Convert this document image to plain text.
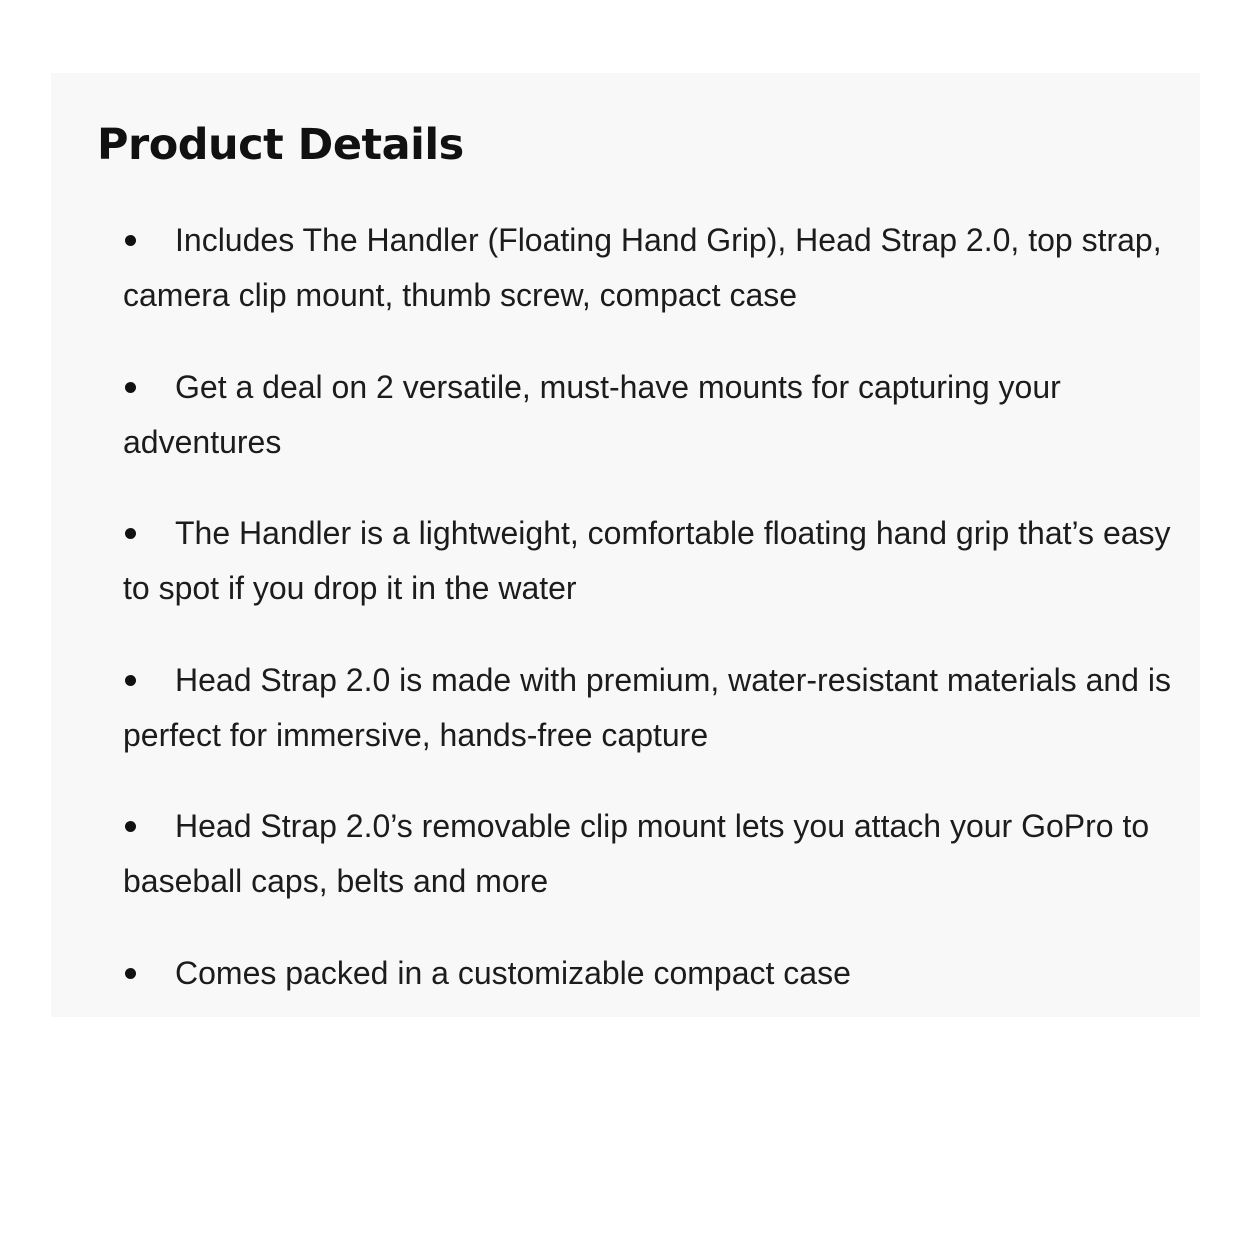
Product Details
Includes The Handler (Floating Hand Grip), Head Strap 2.0, top strap, camera clip mount, thumb screw, compact case
Get a deal on 2 versatile, must-have mounts for capturing your adventures
The Handler is a lightweight, comfortable floating hand grip that’s easy to spot if you drop it in the water
Head Strap 2.0 is made with premium, water-resistant materials and is perfect for immersive, hands-free capture
Head Strap 2.0’s removable clip mount lets you attach your GoPro to baseball caps, belts and more
Comes packed in a customizable compact case
